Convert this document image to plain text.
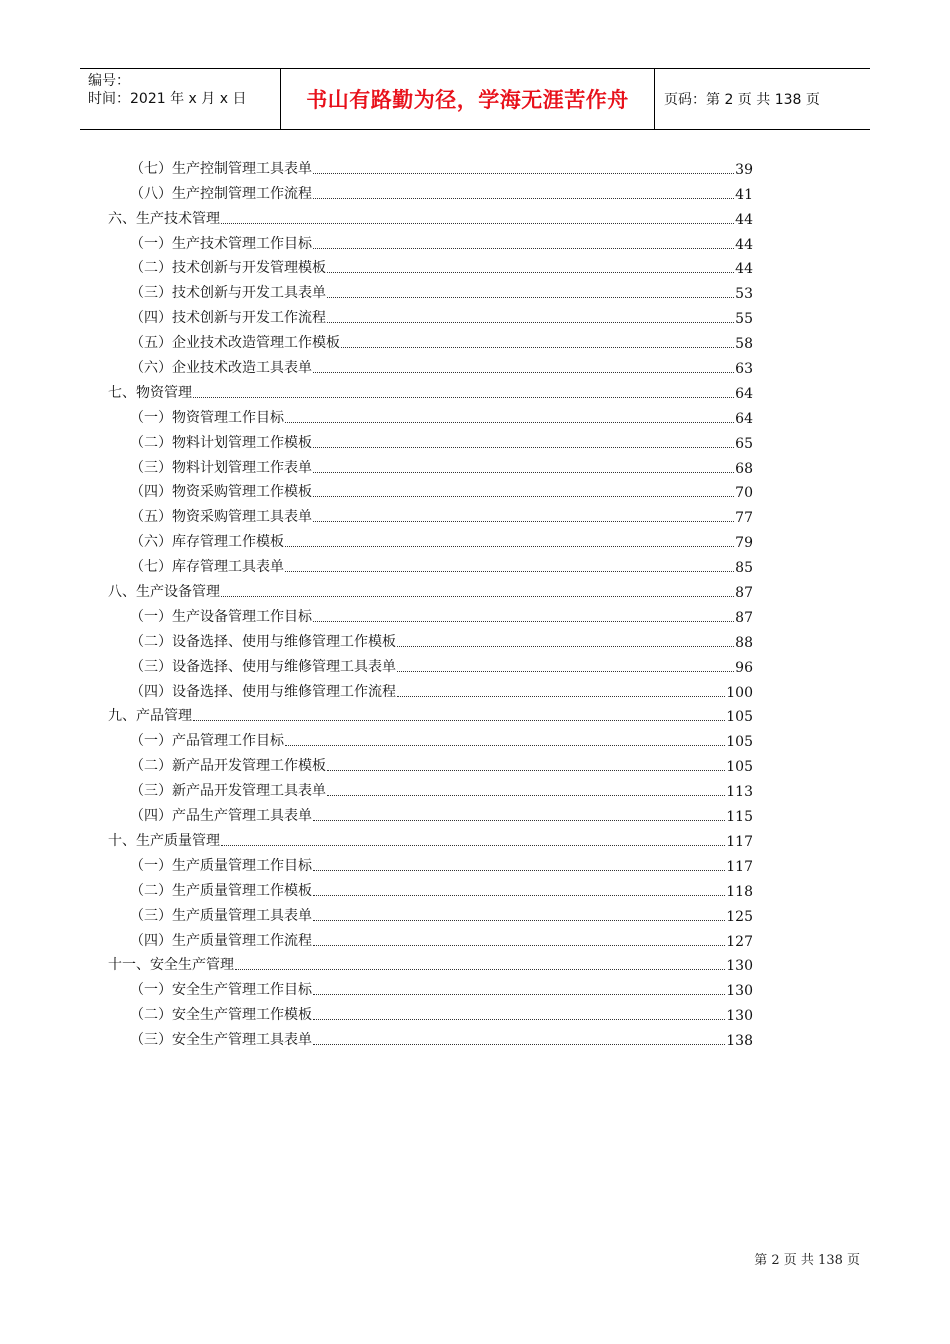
编号：
时间：2021 年 x 月 x 日	书山有路勤为径，学海无涯苦作舟	页码：第 2 页 共 138 页
（七）生产控制管理工具表单	39
（八）生产控制管理工作流程	41
六、生产技术管理	44
（一）生产技术管理工作目标	44
（二）技术创新与开发管理模板	44
（三）技术创新与开发工具表单	53
（四）技术创新与开发工作流程	55
（五）企业技术改造管理工作模板	58
（六）企业技术改造工具表单	63
七、物资管理	64
（一）物资管理工作目标	64
（二）物料计划管理工作模板	65
（三）物料计划管理工作表单	68
（四）物资采购管理工作模板	70
（五）物资采购管理工具表单	77
（六）库存管理工作模板	79
（七）库存管理工具表单	85
八、生产设备管理	87
（一）生产设备管理工作目标	87
（二）设备选择、使用与维修管理工作模板	88
（三）设备选择、使用与维修管理工具表单	96
（四）设备选择、使用与维修管理工作流程	100
九、产品管理	105
（一）产品管理工作目标	105
（二）新产品开发管理工作模板	105
（三）新产品开发管理工具表单	113
（四）产品生产管理工具表单	115
十、生产质量管理	117
（一）生产质量管理工作目标	117
（二）生产质量管理工作模板	118
（三）生产质量管理工具表单	125
（四）生产质量管理工作流程	127
十一、安全生产管理	130
（一）安全生产管理工作目标	130
（二）安全生产管理工作模板	130
（三）安全生产管理工具表单	138
第 2 页 共 138 页
